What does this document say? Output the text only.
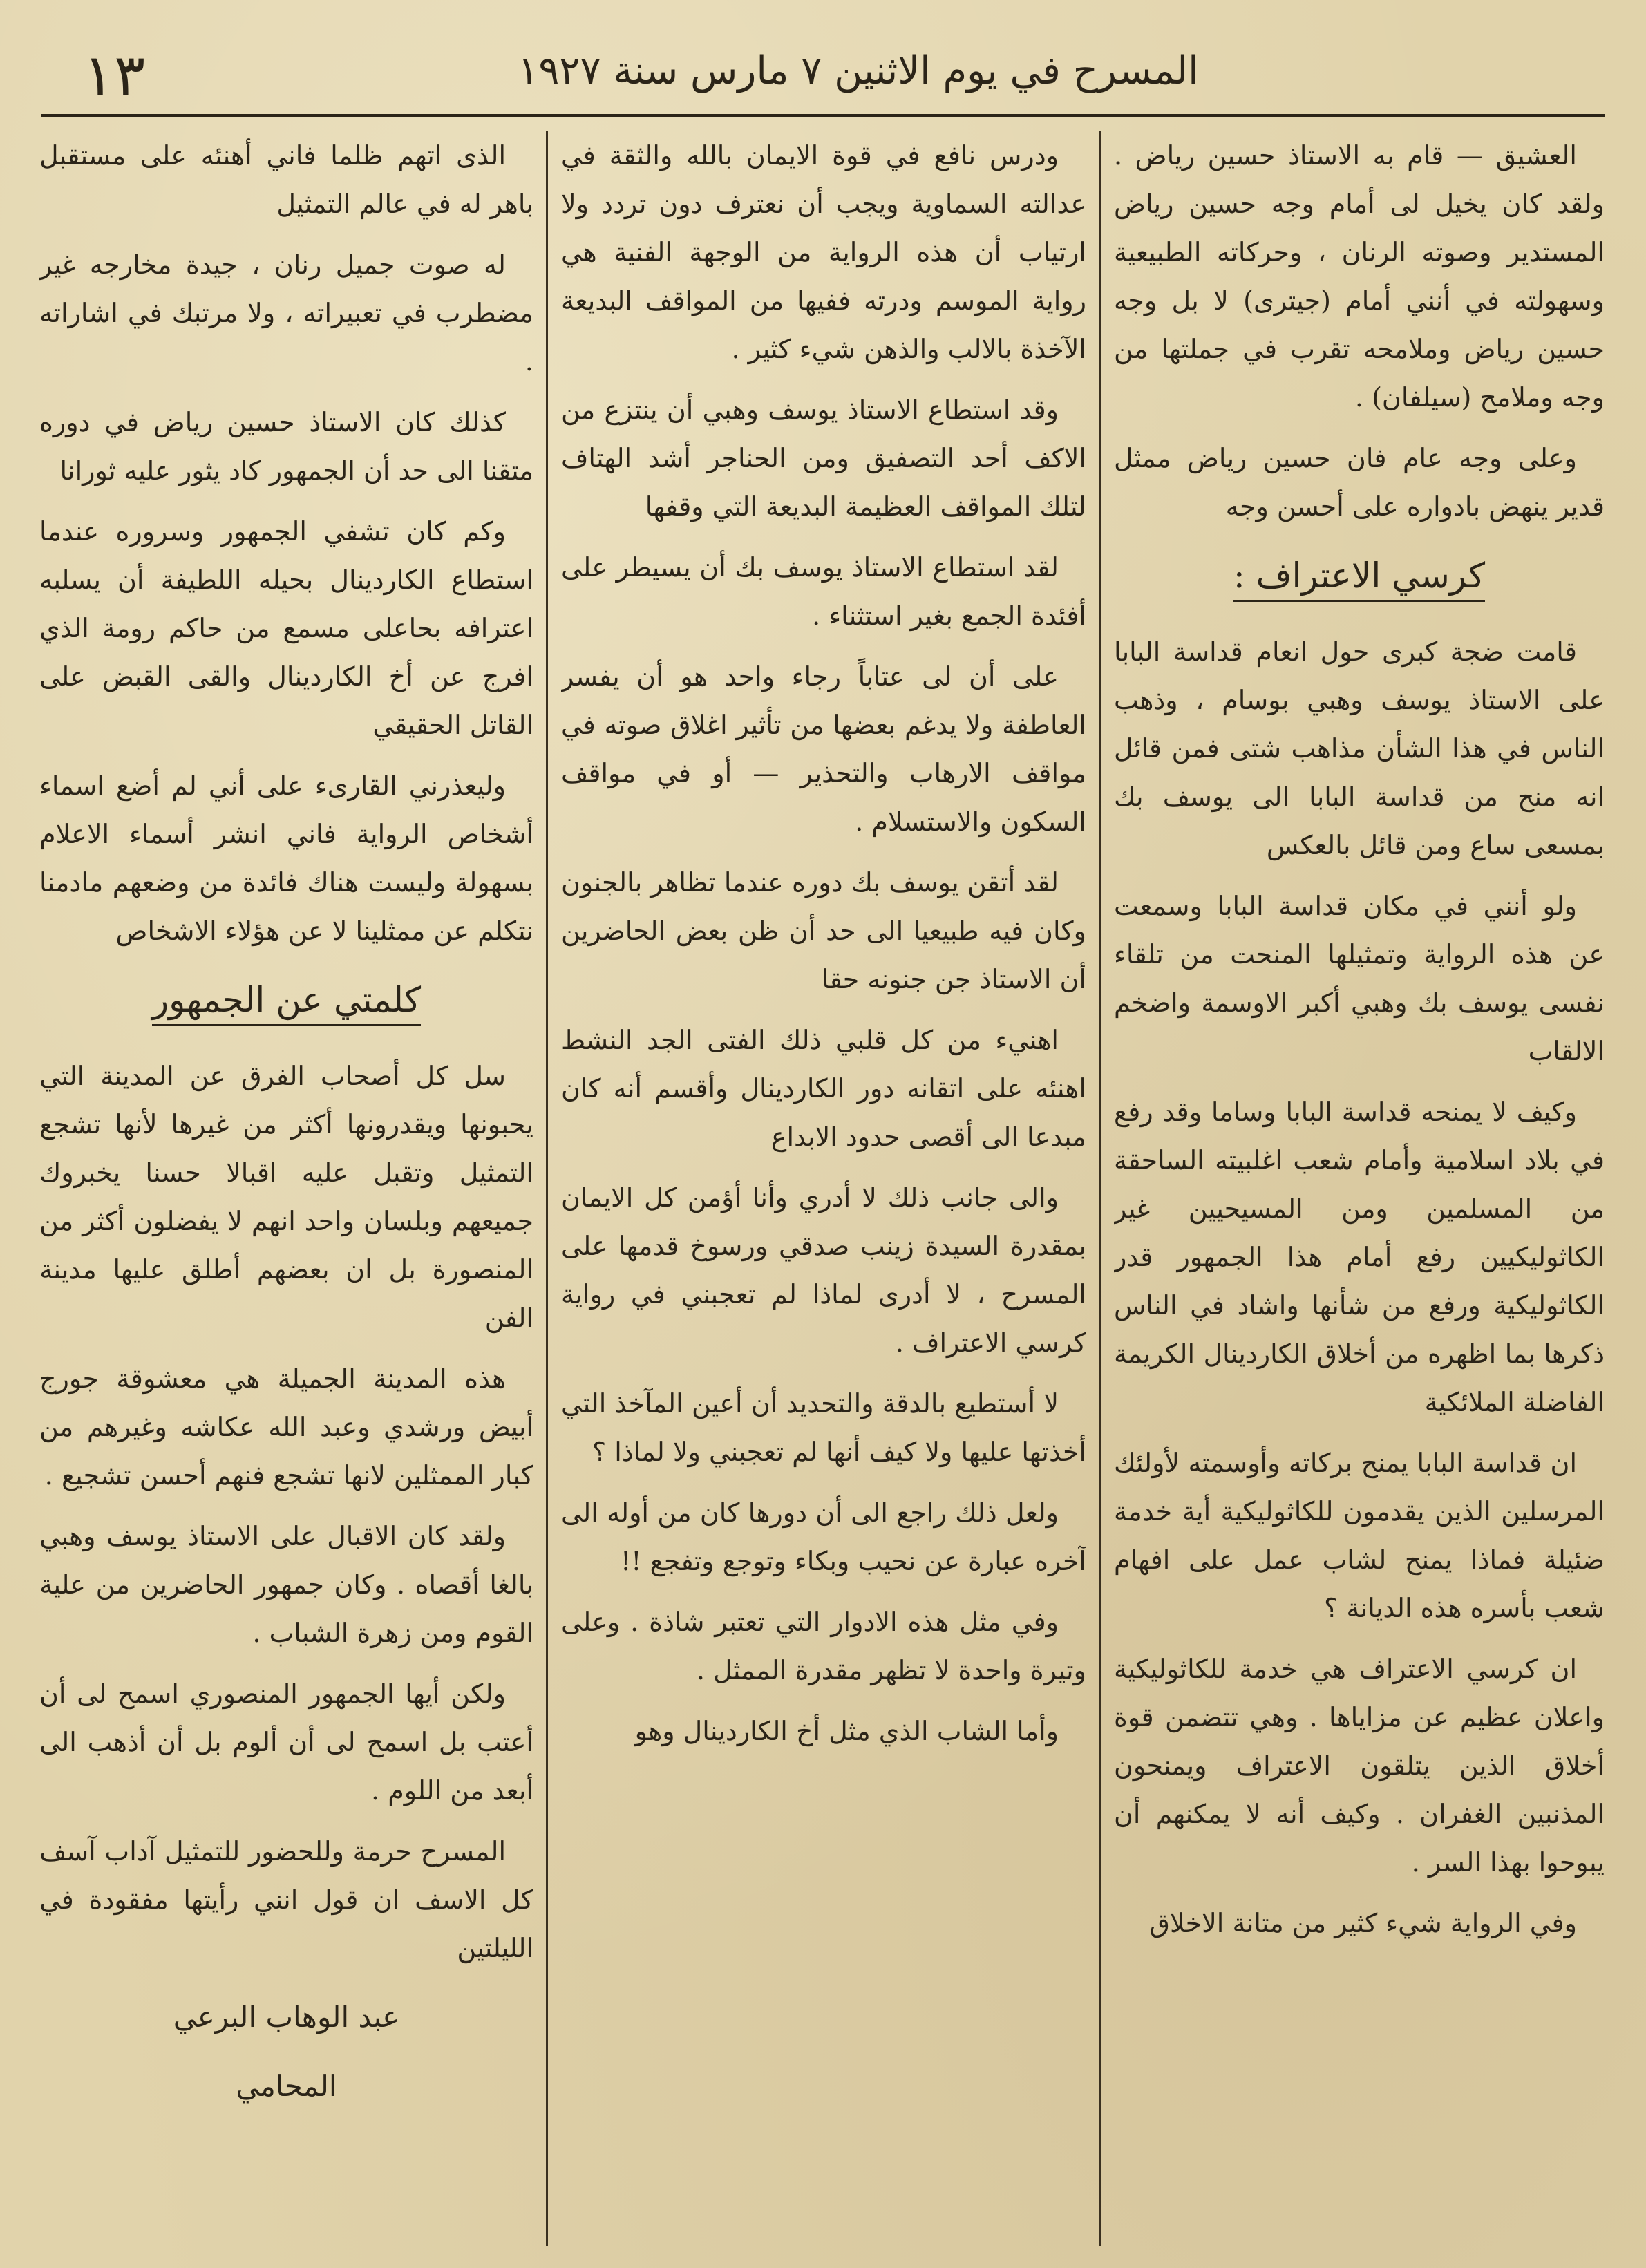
المسرح في يوم الاثنين ٧ مارس سنة ١٩٢٧
١٣

العشيق — قام به الاستاذ حسين رياض . ولقد كان يخيل لى أمام وجه حسين رياض المستدير وصوته الرنان ، وحركاته الطبيعية وسهولته في أنني أمام (جيترى) لا بل وجه حسين رياض وملامحه تقرب في جملتها من وجه وملامح (سيلفان) .

وعلى وجه عام فان حسين رياض ممثل قدير ينهض بادواره على أحسن وجه

كرسي الاعتراف :

قامت ضجة كبرى حول انعام قداسة البابا على الاستاذ يوسف وهبي بوسام ، وذهب الناس في هذا الشأن مذاهب شتى فمن قائل انه منح من قداسة البابا الى يوسف بك بمسعى ساع ومن قائل بالعكس

ولو أنني في مكان قداسة البابا وسمعت عن هذه الرواية وتمثيلها المنحت من تلقاء نفسى يوسف بك وهبي أكبر الاوسمة واضخم الالقاب

وكيف لا يمنحه قداسة البابا وساما وقد رفع في بلاد اسلامية وأمام شعب اغلبيته الساحقة من المسلمين ومن المسيحيين غير الكاثوليكيين رفع أمام هذا الجمهور قدر الكاثوليكية ورفع من شأنها واشاد في الناس ذكرها بما اظهره من أخلاق الكاردينال الكريمة الفاضلة الملائكية

ان قداسة البابا يمنح بركاته وأوسمته لأولئك المرسلين الذين يقدمون للكاثوليكية أية خدمة ضئيلة فماذا يمنح لشاب عمل على افهام شعب بأسره هذه الديانة ؟

ان كرسي الاعتراف هي خدمة للكاثوليكية واعلان عظيم عن مزاياها . وهي تتضمن قوة أخلاق الذين يتلقون الاعتراف ويمنحون المذنبين الغفران . وكيف أنه لا يمكنهم أن يبوحوا بهذا السر .

وفي الرواية شيء كثير من متانة الاخلاق

ودرس نافع في قوة الايمان بالله والثقة في عدالته السماوية ويجب أن نعترف دون تردد ولا ارتياب أن هذه الرواية من الوجهة الفنية هي رواية الموسم ودرته ففيها من المواقف البديعة الآخذة بالالب والذهن شيء كثير .

وقد استطاع الاستاذ يوسف وهبي أن ينتزع من الاكف أحد التصفيق ومن الحناجر أشد الهتاف لتلك المواقف العظيمة البديعة التي وقفها

لقد استطاع الاستاذ يوسف بك أن يسيطر على أفئدة الجمع بغير استثناء .

على أن لى عتاباً رجاء واحد هو أن يفسر العاطفة ولا يدغم بعضها من تأثير اغلاق صوته في مواقف الارهاب والتحذير — أو في مواقف السكون والاستسلام .

لقد أتقن يوسف بك دوره عندما تظاهر بالجنون وكان فيه طبيعيا الى حد أن ظن بعض الحاضرين أن الاستاذ جن جنونه حقا

اهنيء من كل قلبي ذلك الفتى الجد النشط اهنئه على اتقانه دور الكاردينال وأقسم أنه كان مبدعا الى أقصى حدود الابداع

والى جانب ذلك لا أدري وأنا أؤمن كل الايمان بمقدرة السيدة زينب صدقي ورسوخ قدمها على المسرح ، لا أدرى لماذا لم تعجبني في رواية كرسي الاعتراف .

لا أستطيع بالدقة والتحديد أن أعين المآخذ التي أخذتها عليها ولا كيف أنها لم تعجبني ولا لماذا ؟

ولعل ذلك راجع الى أن دورها كان من أوله الى آخره عبارة عن نحيب وبكاء وتوجع وتفجع !!

وفي مثل هذه الادوار التي تعتبر شاذة . وعلى وتيرة واحدة لا تظهر مقدرة الممثل .

وأما الشاب الذي مثل أخ الكاردينال وهو

الذى اتهم ظلما فاني أهنئه على مستقبل باهر له في عالم التمثيل

له صوت جميل رنان ، جيدة مخارجه غير مضطرب في تعبيراته ، ولا مرتبك في اشاراته .

كذلك كان الاستاذ حسين رياض في دوره متقنا الى حد أن الجمهور كاد يثور عليه ثورانا

وكم كان تشفي الجمهور وسروره عندما استطاع الكاردينال بحيله اللطيفة أن يسلبه اعترافه بحاعلى مسمع من حاكم رومة الذي افرج عن أخ الكاردينال والقى القبض على القاتل الحقيقي

وليعذرني القارىء على أني لم أضع اسماء أشخاص الرواية فاني انشر أسماء الاعلام بسهولة وليست هناك فائدة من وضعهم مادمنا نتكلم عن ممثلينا لا عن هؤلاء الاشخاص

كلمتي عن الجمهور

سل كل أصحاب الفرق عن المدينة التي يحبونها ويقدرونها أكثر من غيرها لأنها تشجع التمثيل وتقبل عليه اقبالا حسنا يخبروك جميعهم وبلسان واحد انهم لا يفضلون أكثر من المنصورة بل ان بعضهم أطلق عليها مدينة الفن

هذه المدينة الجميلة هي معشوقة جورج أبيض ورشدي وعبد الله عكاشه وغيرهم من كبار الممثلين لانها تشجع فنهم أحسن تشجيع .

ولقد كان الاقبال على الاستاذ يوسف وهبي بالغا أقصاه . وكان جمهور الحاضرين من علية القوم ومن زهرة الشباب .

ولكن أيها الجمهور المنصوري اسمح لى أن أعتب بل اسمح لى أن ألوم بل أن أذهب الى أبعد من اللوم .

المسرح حرمة وللحضور للتمثيل آداب آسف كل الاسف ان قول انني رأيتها مفقودة في الليلتين

عبد الوهاب البرعي
المحامي
